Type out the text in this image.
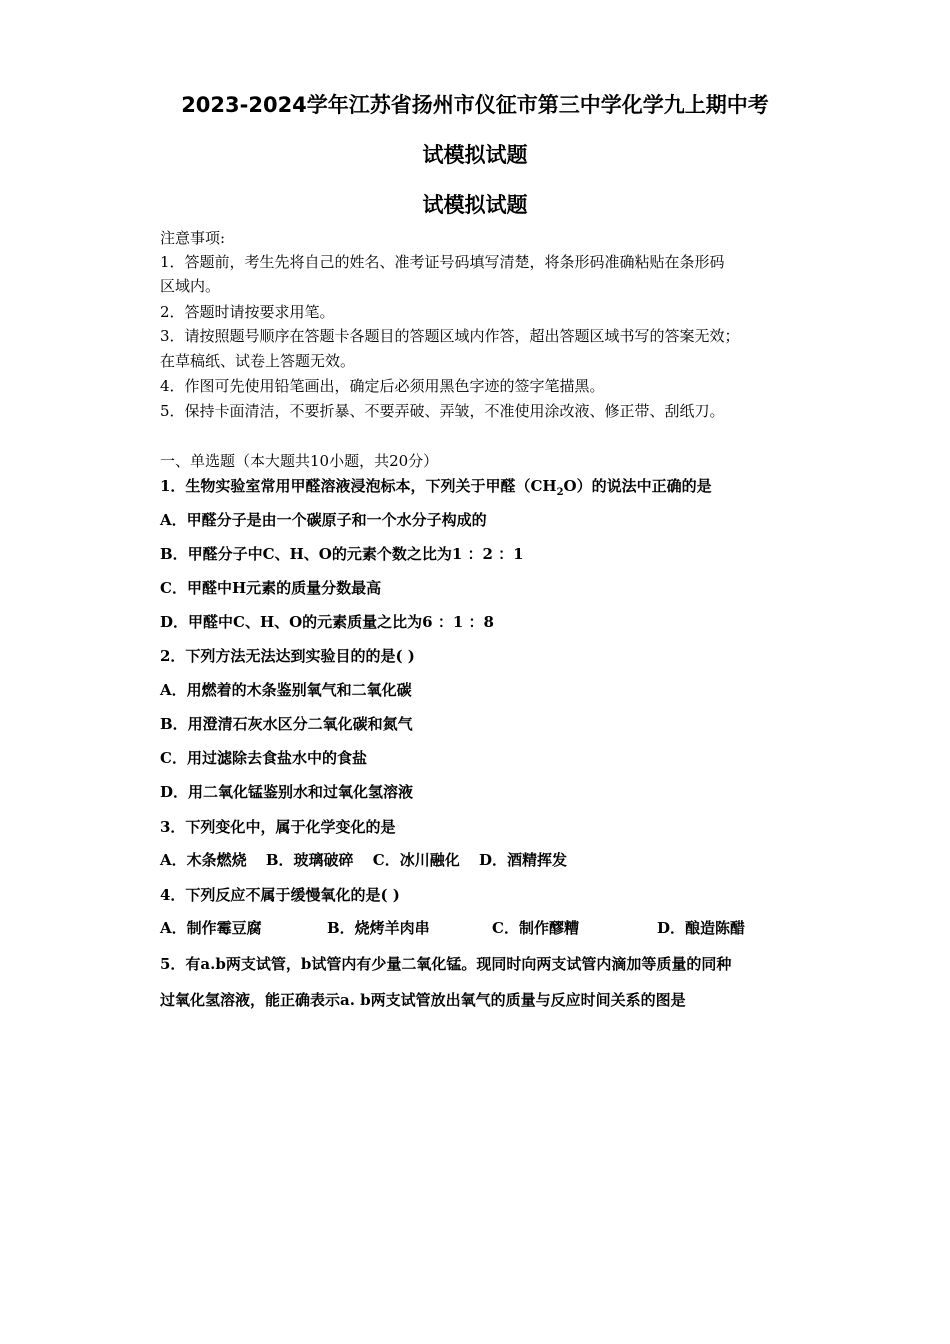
2023-2024学年江苏省扬州市仪征市第三中学化学九上期中考
试模拟试题
试模拟试题
注意事项:
1．答题前，考生先将自己的姓名、准考证号码填写清楚，将条形码准确粘贴在条形码
区域内。
2．答题时请按要求用笔。
3．请按照题号顺序在答题卡各题目的答题区域内作答，超出答题区域书写的答案无效；
在草稿纸、试卷上答题无效。
4．作图可先使用铅笔画出，确定后必须用黑色字迹的签字笔描黑。
5．保持卡面清洁，不要折暴、不要弄破、弄皱，不准使用涂改液、修正带、刮纸刀。
一、单选题（本大题共10小题，共20分）
1．生物实验室常用甲醛溶液浸泡标本，下列关于甲醛$(CH_2O)$的说法中正确的是
A．甲醛分子是由一个碳原子和一个水分子构成的
B．甲醛分子中C、H、O的元素个数之比为1 ：2 ：1
C．甲醛中H元素的质量分数最高
D．甲醛中C、H、O的元素质量之比为6 ：1 ：8
2．下列方法无法达到实验目的的是( )
A．用燃着的木条鉴别氧气和二氧化碳
B．用澄清石灰水区分二氧化碳和氮气
C．用过滤除去食盐水中的食盐
D．用二氧化锰鉴别水和过氧化氢溶液
3．下列变化中，属于化学变化的是
A．木条燃烧 B．玻璃破碎 C．冰川融化 D．酒精挥发
4．下列反应不属于缓慢氧化的是( )
A．制作霉豆腐	B．烧烤羊肉串	C．制作醪糟	D．酿造陈醋
5．有a.b两支试管，b试管内有少量二氧化锰。现同时向两支试管内滴加等质量的同种
过氧化氢溶液，能正确表示a. b两支试管放出氧气的质量与反应时间关系的图是
